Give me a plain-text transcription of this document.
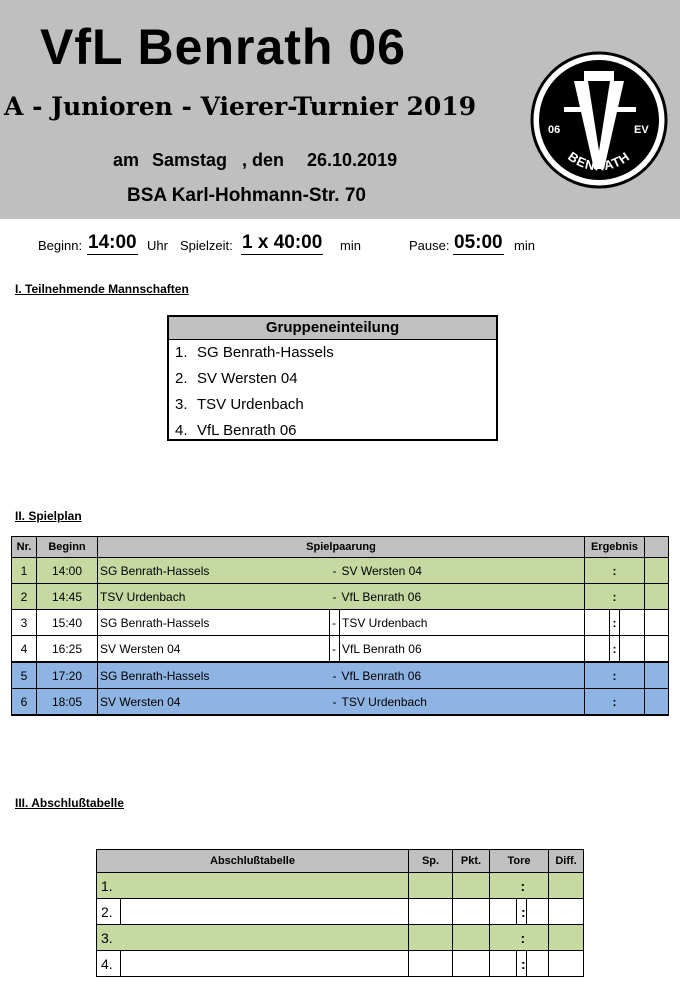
VfL Benrath 06
A - Junioren - Vierer-Turnier 2019
am Samstag , den 26.10.2019
BSA Karl-Hohmann-Str. 70
06	EV
BENRATH
Beginn: 14:00 Uhr Spielzeit: 1 x 40:00 min	Pause: 05:00 min
I. Teilnehmende Mannschaften
Gruppeneinteilung
1. SG Benrath-Hassels
2. SV Wersten 04
3. TSV Urdenbach
4. VfL Benrath 06
II. Spielplan
Nr.	Beginn	Spielpaarung			Ergebnis			
1	14:00	SG Benrath-Hassels	-	SV Wersten 04		:		
2	14:45	TSV Urdenbach	-	VfL Benrath 06		:		
3	15:40	SG Benrath-Hassels	-	TSV Urdenbach		:		
4	16:25	SV Wersten 04	-	VfL Benrath 06		:		
5	17:20	SG Benrath-Hassels	-	VfL Benrath 06		:		
6	18:05	SV Wersten 04	-	TSV Urdenbach		:		
III. Abschlußtabelle
Abschlußtabelle		Sp.	Pkt.	Tore			Diff.
1.					:		
2.					:		
3.					:		
4.					:		
